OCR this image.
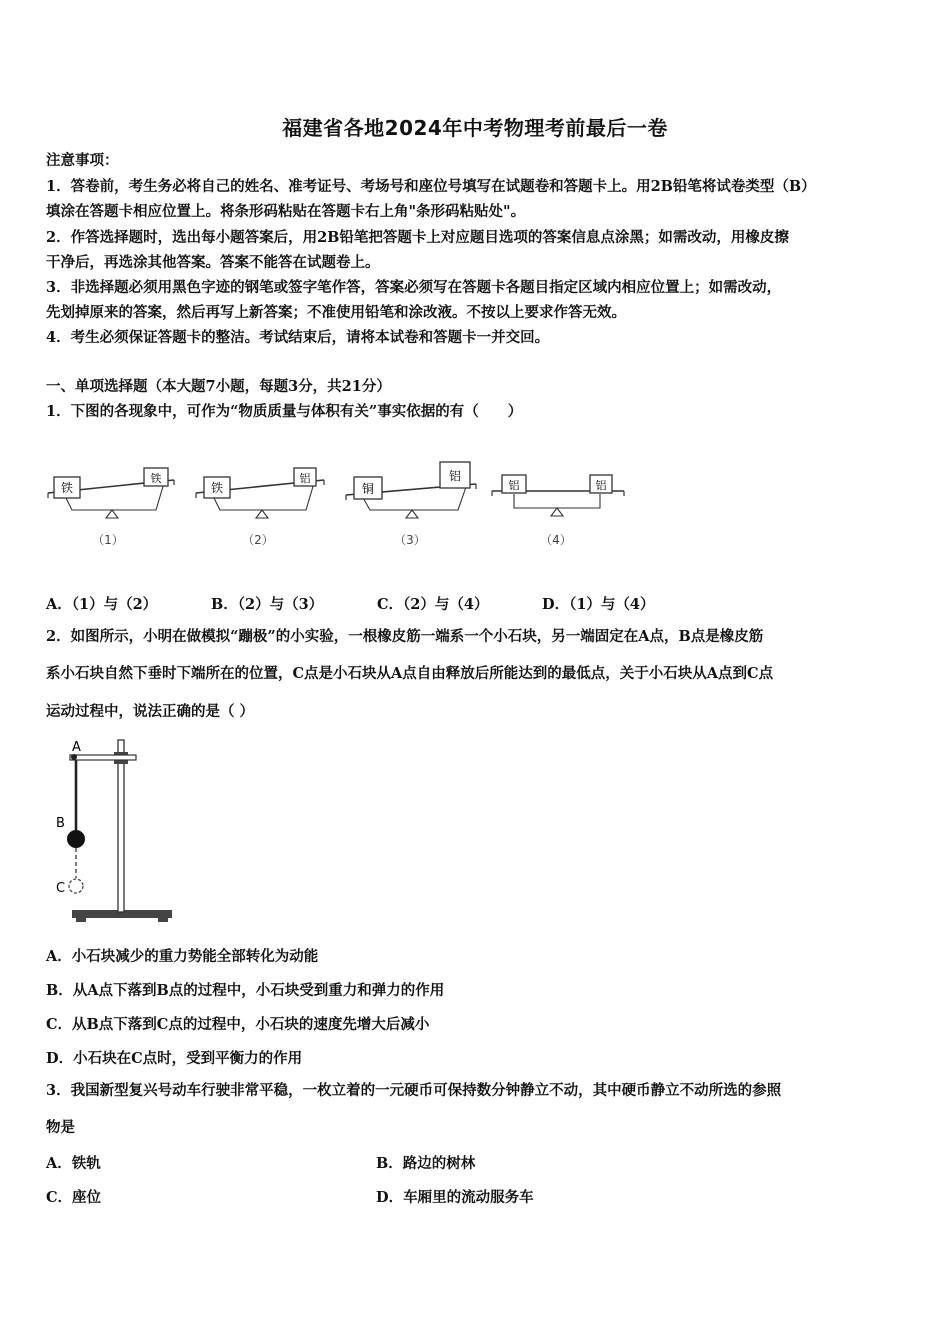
福建省各地2024年中考物理考前最后一卷
注意事项：
1．答卷前，考生务必将自己的姓名、准考证号、考场号和座位号填写在试题卷和答题卡上。用2B铅笔将试卷类型（B）
填涂在答题卡相应位置上。将条形码粘贴在答题卡右上角"条形码粘贴处"。
2．作答选择题时，选出每小题答案后，用2B铅笔把答题卡上对应题目选项的答案信息点涂黑；如需改动，用橡皮擦
干净后，再选涂其他答案。答案不能答在试题卷上。
3．非选择题必须用黑色字迹的钢笔或签字笔作答，答案必须写在答题卡各题目指定区域内相应位置上；如需改动，
先划掉原来的答案，然后再写上新答案；不准使用铅笔和涂改液。不按以上要求作答无效。
4．考生必须保证答题卡的整洁。考试结束后，请将本试卷和答题卡一并交回。
一、单项选择题（本大题7小题，每题3分，共21分）
1．下图的各现象中，可作为“物质质量与体积有关”事实依据的有（　　）
铁
铁
（1）
铁
铝
（2）
铜
铝
（3）
铝	铝
（4）
A．（1）与（2）	B．（2）与（3）	C．（2）与（4）	D．（1）与（4）
2．如图所示，小明在做模拟“蹦极”的小实验，一根橡皮筋一端系一个小石块，另一端固定在A点，B点是橡皮筋
系小石块自然下垂时下端所在的位置，C点是小石块从A点自由释放后所能达到的最低点，关于小石块从A点到C点
运动过程中，说法正确的是（ ）
A
B
C
A．小石块减少的重力势能全部转化为动能
B．从A点下落到B点的过程中，小石块受到重力和弹力的作用
C．从B点下落到C点的过程中，小石块的速度先增大后减小
D．小石块在C点时，受到平衡力的作用
3．我国新型复兴号动车行驶非常平稳，一枚立着的一元硬币可保持数分钟静立不动，其中硬币静立不动所选的参照
物是
A．铁轨	B．路边的树林
C．座位	D．车厢里的流动服务车
